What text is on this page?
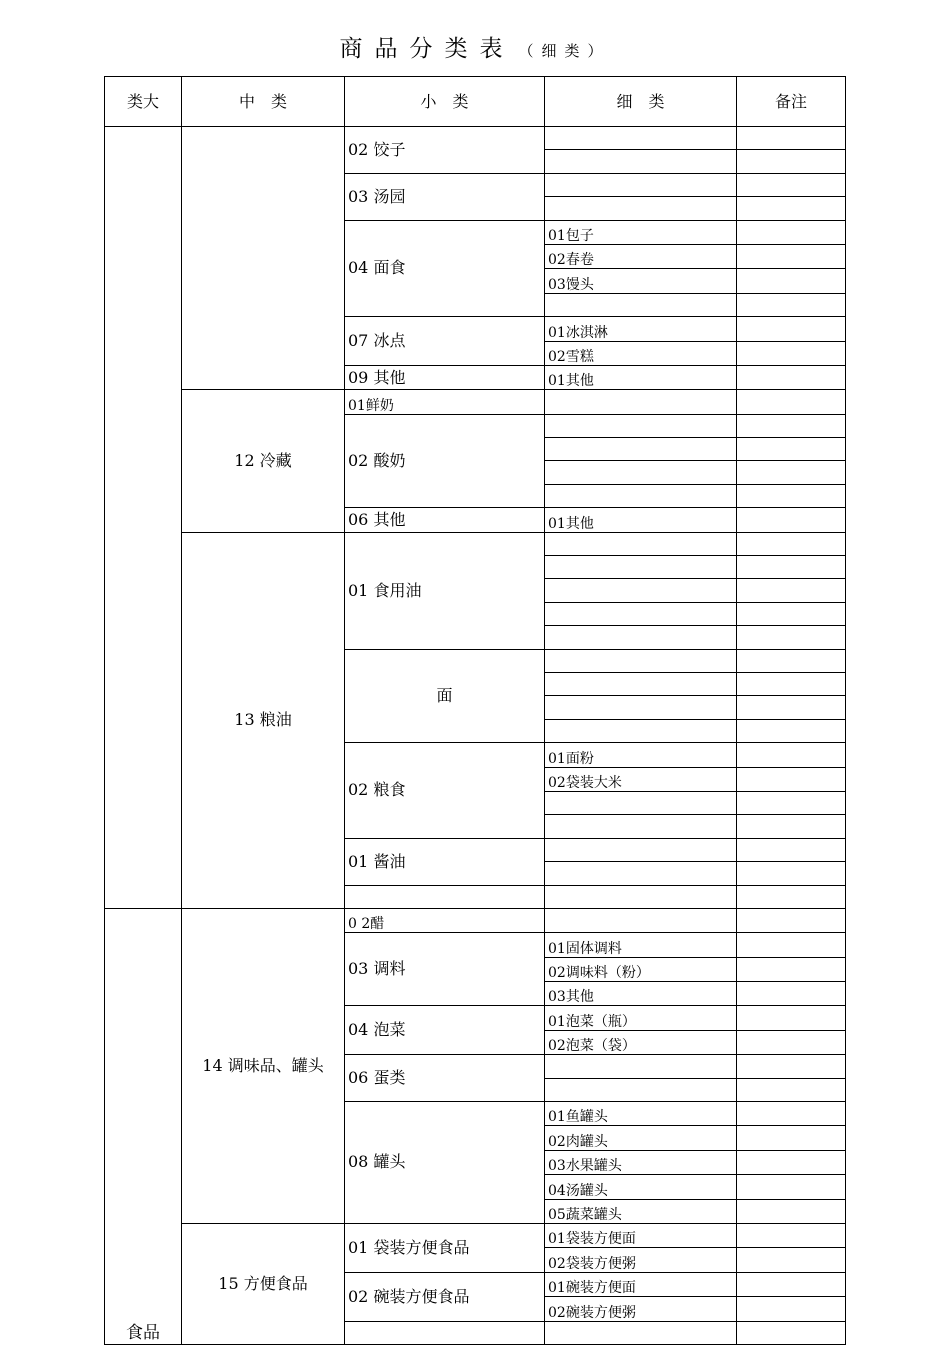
商品分类表 （细类）
类大	中　类	小　类	细　类	备注
		02 饺子		

		03 汤园		

		04 面食	01包子	
			02春卷	
			03馒头	

		07 冰点	01冰淇淋	
			02雪糕	
		09 其他	01其他	
	12 冷藏	01鲜奶		
		02 酸奶		

		06 其他	01其他	
	13 粮油	01 食用油		

		面		

		02 粮食	01面粉	
			02袋装大米	

		01 酱油		

食品	14 调味品、罐头	0 2醋		
		03 调料	01固体调料	
			02调味料（粉）	
			03其他	
		04 泡菜	01泡菜（瓶）	
			02泡菜（袋）	
		06 蛋类		

		08 罐头	01鱼罐头	
			02肉罐头	
			03水果罐头	
			04汤罐头	
			05蔬菜罐头	
	15 方便食品	01 袋装方便食品	01袋装方便面	
			02袋装方便粥	
		02 碗装方便食品	01碗装方便面	
			02碗装方便粥	
